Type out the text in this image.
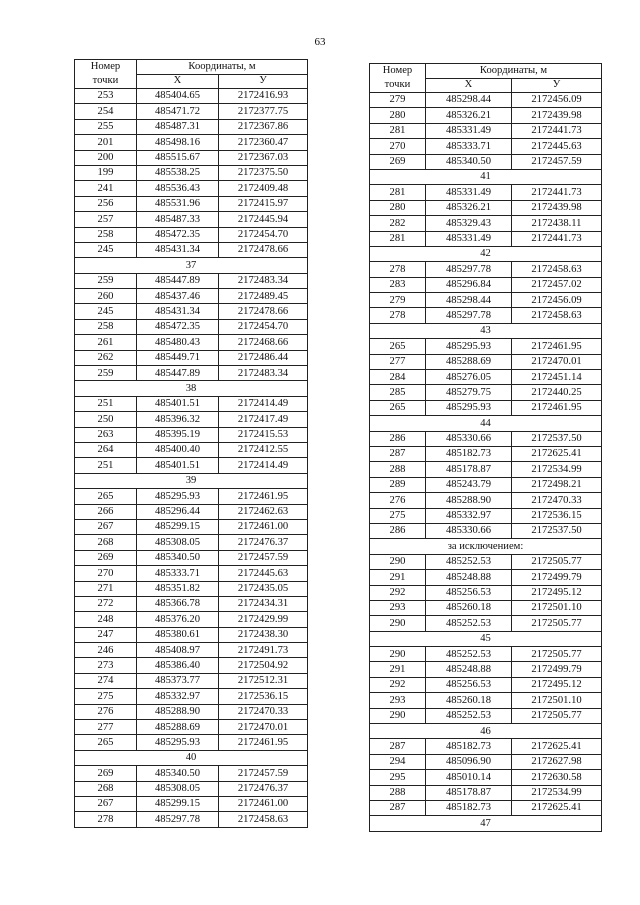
63
Номер
точки	Координаты, м	
	X	У
253	485404.65	2172416.93
254	485471.72	2172377.75
255	485487.31	2172367.86
201	485498.16	2172360.47
200	485515.67	2172367.03
199	485538.25	2172375.50
241	485536.43	2172409.48
256	485531.96	2172415.97
257	485487.33	2172445.94
258	485472.35	2172454.70
245	485431.34	2172478.66
37		
259	485447.89	2172483.34
260	485437.46	2172489.45
245	485431.34	2172478.66
258	485472.35	2172454.70
261	485480.43	2172468.66
262	485449.71	2172486.44
259	485447.89	2172483.34
38		
251	485401.51	2172414.49
250	485396.32	2172417.49
263	485395.19	2172415.53
264	485400.40	2172412.55
251	485401.51	2172414.49
39		
265	485295.93	2172461.95
266	485296.44	2172462.63
267	485299.15	2172461.00
268	485308.05	2172476.37
269	485340.50	2172457.59
270	485333.71	2172445.63
271	485351.82	2172435.05
272	485366.78	2172434.31
248	485376.20	2172429.99
247	485380.61	2172438.30
246	485408.97	2172491.73
273	485386.40	2172504.92
274	485373.77	2172512.31
275	485332.97	2172536.15
276	485288.90	2172470.33
277	485288.69	2172470.01
265	485295.93	2172461.95
40		
269	485340.50	2172457.59
268	485308.05	2172476.37
267	485299.15	2172461.00
278	485297.78	2172458.63
Номер
точки	Координаты, м	
	X	У
279	485298.44	2172456.09
280	485326.21	2172439.98
281	485331.49	2172441.73
270	485333.71	2172445.63
269	485340.50	2172457.59
41		
281	485331.49	2172441.73
280	485326.21	2172439.98
282	485329.43	2172438.11
281	485331.49	2172441.73
42		
278	485297.78	2172458.63
283	485296.84	2172457.02
279	485298.44	2172456.09
278	485297.78	2172458.63
43		
265	485295.93	2172461.95
277	485288.69	2172470.01
284	485276.05	2172451.14
285	485279.75	2172440.25
265	485295.93	2172461.95
44		
286	485330.66	2172537.50
287	485182.73	2172625.41
288	485178.87	2172534.99
289	485243.79	2172498.21
276	485288.90	2172470.33
275	485332.97	2172536.15
286	485330.66	2172537.50
за исключением:		
290	485252.53	2172505.77
291	485248.88	2172499.79
292	485256.53	2172495.12
293	485260.18	2172501.10
290	485252.53	2172505.77
45		
290	485252.53	2172505.77
291	485248.88	2172499.79
292	485256.53	2172495.12
293	485260.18	2172501.10
290	485252.53	2172505.77
46		
287	485182.73	2172625.41
294	485096.90	2172627.98
295	485010.14	2172630.58
288	485178.87	2172534.99
287	485182.73	2172625.41
47		
